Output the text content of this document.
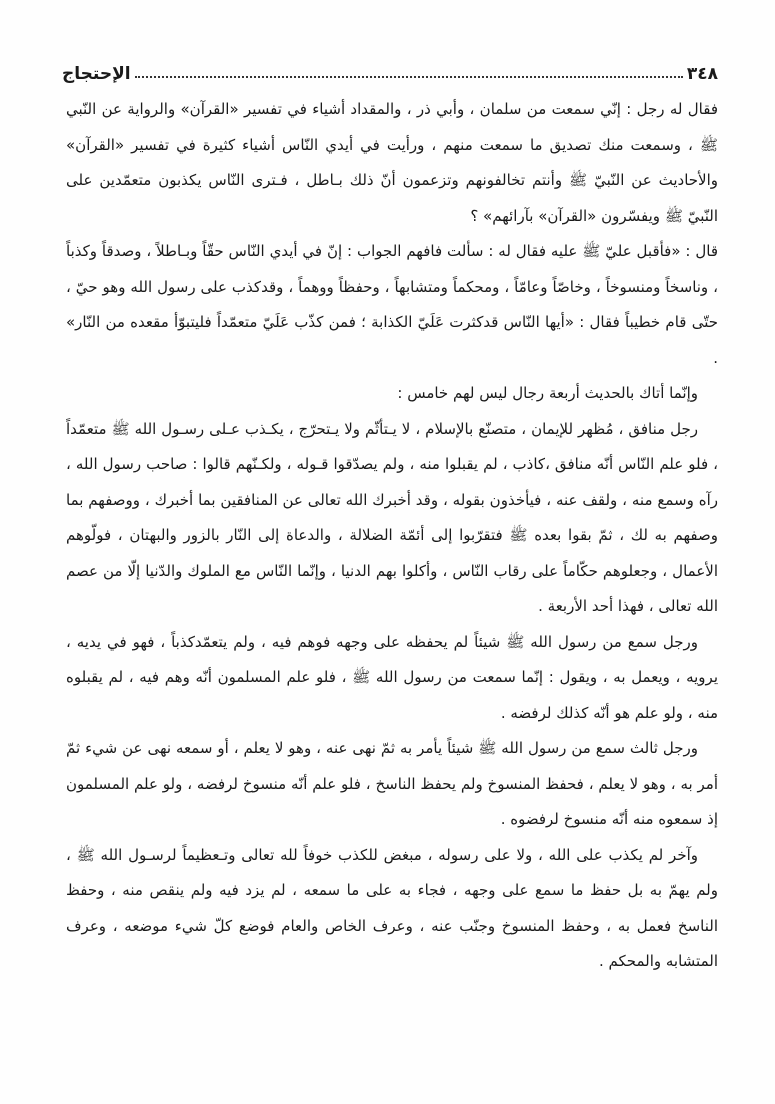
٣٤٨
الإحتجاج

فقال له رجل : إنّي سمعت من سلمان ، وأبي ذر ، والمقداد أشياء في تفسير «القرآن» والرواية عن النّبي ﷺ ، وسمعت منك تصديق ما سمعت منهم ، ورأيت في أيدي النّاس أشياء كثيرة في تفسير «القرآن» والأحاديث عن النّبيّ ﷺ وأنتم تخالفونهم وتزعمون أنّ ذلك بـاطل ، فـترى النّاس يكذبون متعمّدين على النّبيّ ﷺ ويفسّرون «القرآن» بآرائهم» ؟

قال : «فأقبل عليّ ﷺ عليه فقال له : سألت فافهم الجواب : إنّ في أيدي النّاس حقّاً وبـاطلاً ، وصدقاً وكذباً ، وناسخاً ومنسوخاً ، وخاصّاً وعامّاً ، ومحكماً ومتشابهاً ، وحفظاً ووهماً ، وقدكذب على رسول الله وهو حيّ ، حتّى قام خطيباً فقال : «أيها النّاس قدكثرت عَلَيّ الكذابة ؛ فمن كذّب عَلَيّ متعمّداً فليتبوّأ مقعده من النّار» .

وإنّما أتاك بالحديث أربعة رجال ليس لهم خامس :

رجل منافق ، مُظهر للإيمان ، متصنّع بالإسلام ، لا يـتأثّم ولا يـتحرّج ، يكـذب عـلى رسـول الله ﷺ متعمّداً ، فلو علم النّاس أنّه منافق ،كاذب ، لم يقبلوا منه ، ولم يصدّقوا قـوله ، ولكـنّهم قالوا : صاحب رسول الله ، رآه وسمع منه ، ولقف عنه ، فيأخذون بقوله ، وقد أخبرك الله تعالى عن المنافقين بما أخبرك ، ووصفهم بما وصفهم به لك ، ثمّ بقوا بعده ﷺ فتقرّبوا إلى أئمّة الضلالة ، والدعاة إلى النّار بالزور والبهتان ، فولّوهم الأعمال ، وجعلوهم حكّاماً على رقاب النّاس ، وأكلوا بهم الدنيا ، وإنّما النّاس مع الملوك والدّنيا إلّا من عصم الله تعالى ، فهذا أحد الأربعة .

ورجل سمع من رسول الله ﷺ شيئاً لم يحفظه على وجهه فوهم فيه ، ولم يتعمّدكذباً ، فهو في يديه ، يرويه ، ويعمل به ، ويقول : إنّما سمعت من رسول الله ﷺ ، فلو علم المسلمون أنّه وهم فيه ، لم يقبلوه منه ، ولو علم هو أنّه كذلك لرفضه .

ورجل ثالث سمع من رسول الله ﷺ شيئاً يأمر به ثمّ نهى عنه ، وهو لا يعلم ، أو سمعه نهى عن شيء ثمّ أمر به ، وهو لا يعلم ، فحفظ المنسوخ ولم يحفظ الناسخ ، فلو علم أنّه منسوخ لرفضه ، ولو علم المسلمون إذ سمعوه منه أنّه منسوخ لرفضوه .

وآخر لم يكذب على الله ، ولا على رسوله ، مبغض للكذب خوفاً لله تعالى وتـعظيماً لرسـول الله ﷺ ، ولم يهمّ به بل حفظ ما سمع على وجهه ، فجاء به على ما سمعه ، لم يزد فيه ولم ينقص منه ، وحفظ الناسخ فعمل به ، وحفظ المنسوخ وجنّب عنه ، وعرف الخاص والعام فوضع كلّ شيء موضعه ، وعرف المتشابه والمحكم .
